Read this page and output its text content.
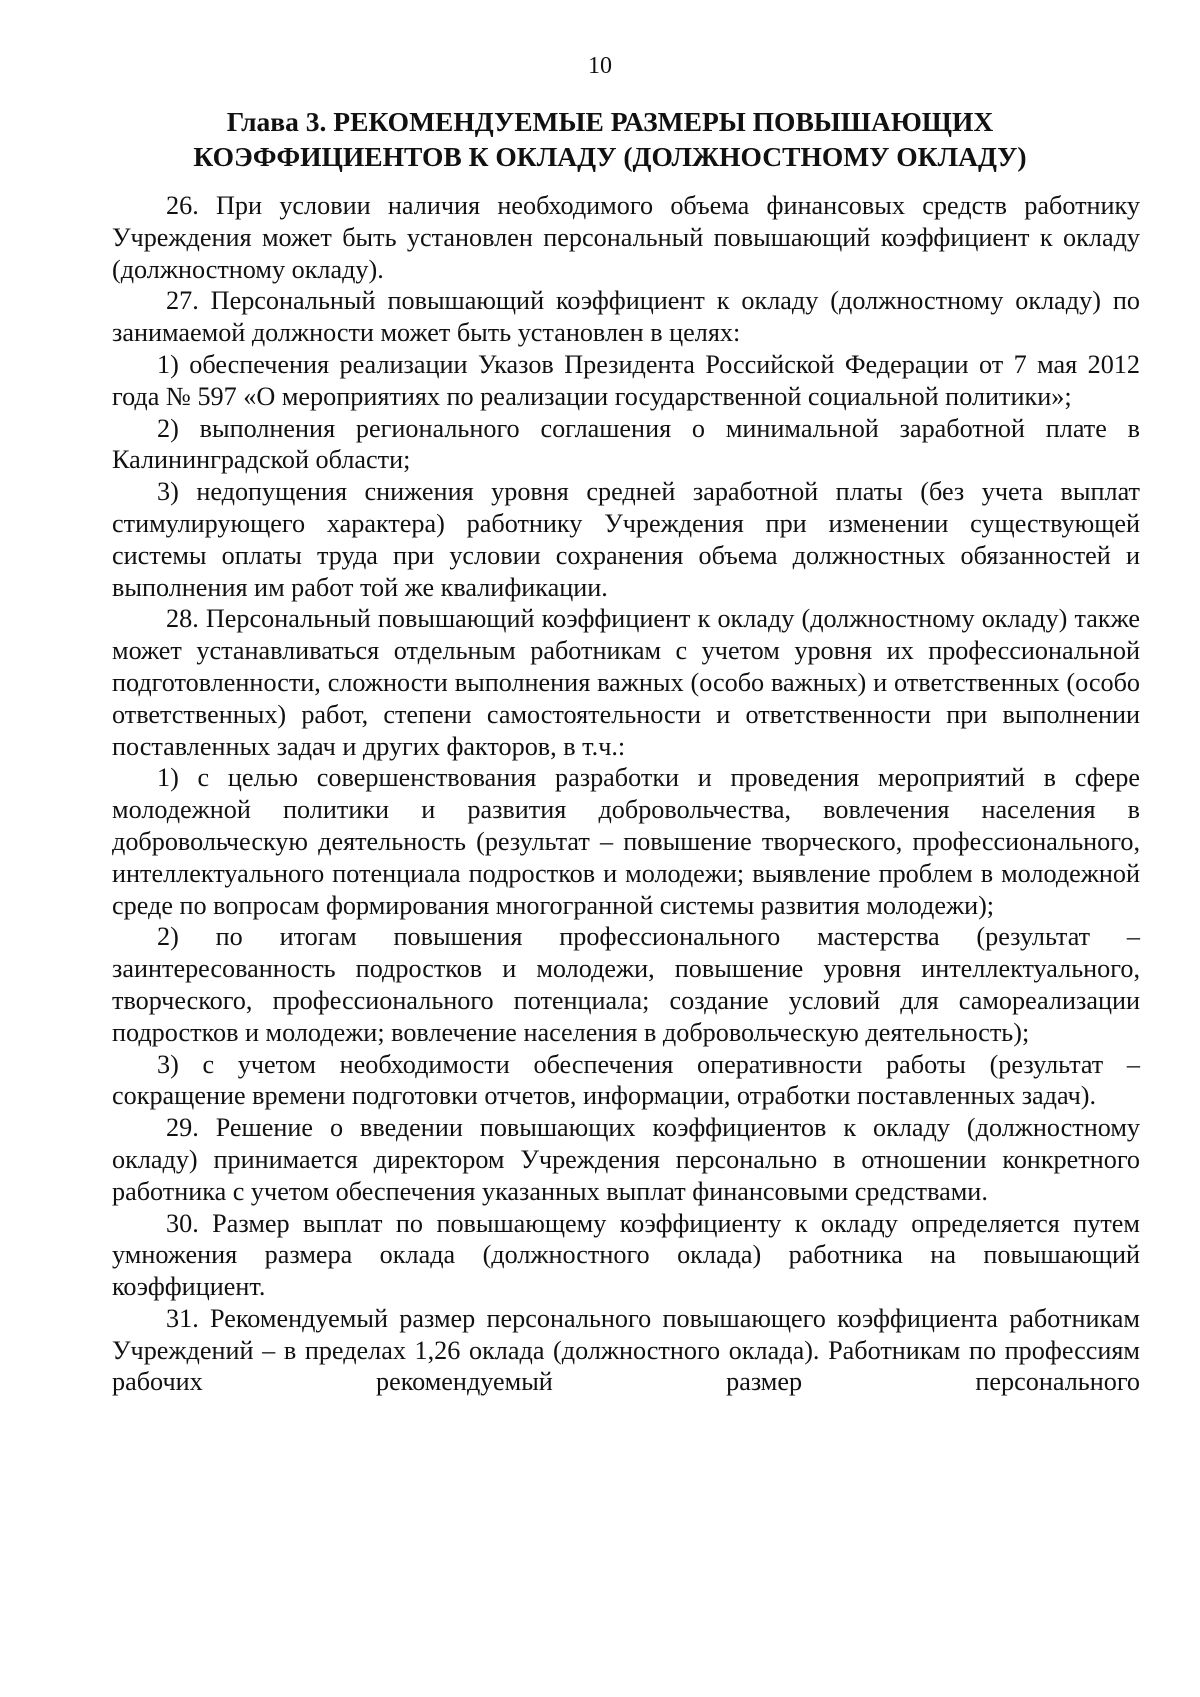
10
Глава 3. РЕКОМЕНДУЕМЫЕ РАЗМЕРЫ ПОВЫШАЮЩИХ
КОЭФФИЦИЕНТОВ К ОКЛАДУ (ДОЛЖНОСТНОМУ ОКЛАДУ)

26. При условии наличия необходимого объема финансовых средств работнику Учреждения может быть установлен персональный повышающий коэффициент к окладу (должностному окладу).

27. Персональный повышающий коэффициент к окладу (должностному окладу) по занимаемой должности может быть установлен в целях:

1) обеспечения реализации Указов Президента Российской Федерации от 7 мая 2012 года № 597 «О мероприятиях по реализации государственной социальной политики»;

2) выполнения регионального соглашения о минимальной заработной плате в Калининградской области;

3) недопущения снижения уровня средней заработной платы (без учета выплат стимулирующего характера) работнику Учреждения при изменении существующей системы оплаты труда при условии сохранения объема должностных обязанностей и выполнения им работ той же квалификации.

28. Персональный повышающий коэффициент к окладу (должностному окладу) также может устанавливаться отдельным работникам с учетом уровня их профессиональной подготовленности, сложности выполнения важных (особо важных) и ответственных (особо ответственных) работ, степени самостоятельности и ответственности при выполнении поставленных задач и других факторов, в т.ч.:

1) с целью совершенствования разработки и проведения мероприятий в сфере молодежной политики и развития добровольчества, вовлечения населения в добровольческую деятельность (результат – повышение творческого, профессионального, интеллектуального потенциала подростков и молодежи; выявление проблем в молодежной среде по вопросам формирования многогранной системы развития молодежи);

2) по итогам повышения профессионального мастерства (результат – заинтересованность подростков и молодежи, повышение уровня интеллектуального, творческого, профессионального потенциала; создание условий для самореализации подростков и молодежи; вовлечение населения в добровольческую деятельность);

3) с учетом необходимости обеспечения оперативности работы (результат – сокращение времени подготовки отчетов, информации, отработки поставленных задач).

29. Решение о введении повышающих коэффициентов к окладу (должностному окладу) принимается директором Учреждения персонально в отношении конкретного работника с учетом обеспечения указанных выплат финансовыми средствами.

30. Размер выплат по повышающему коэффициенту к окладу определяется путем умножения размера оклада (должностного оклада) работника на повышающий коэффициент.

31. Рекомендуемый размер персонального повышающего коэффициента работникам Учреждений – в пределах 1,26 оклада (должностного оклада). Работникам по профессиям рабочих рекомендуемый размер персонального
